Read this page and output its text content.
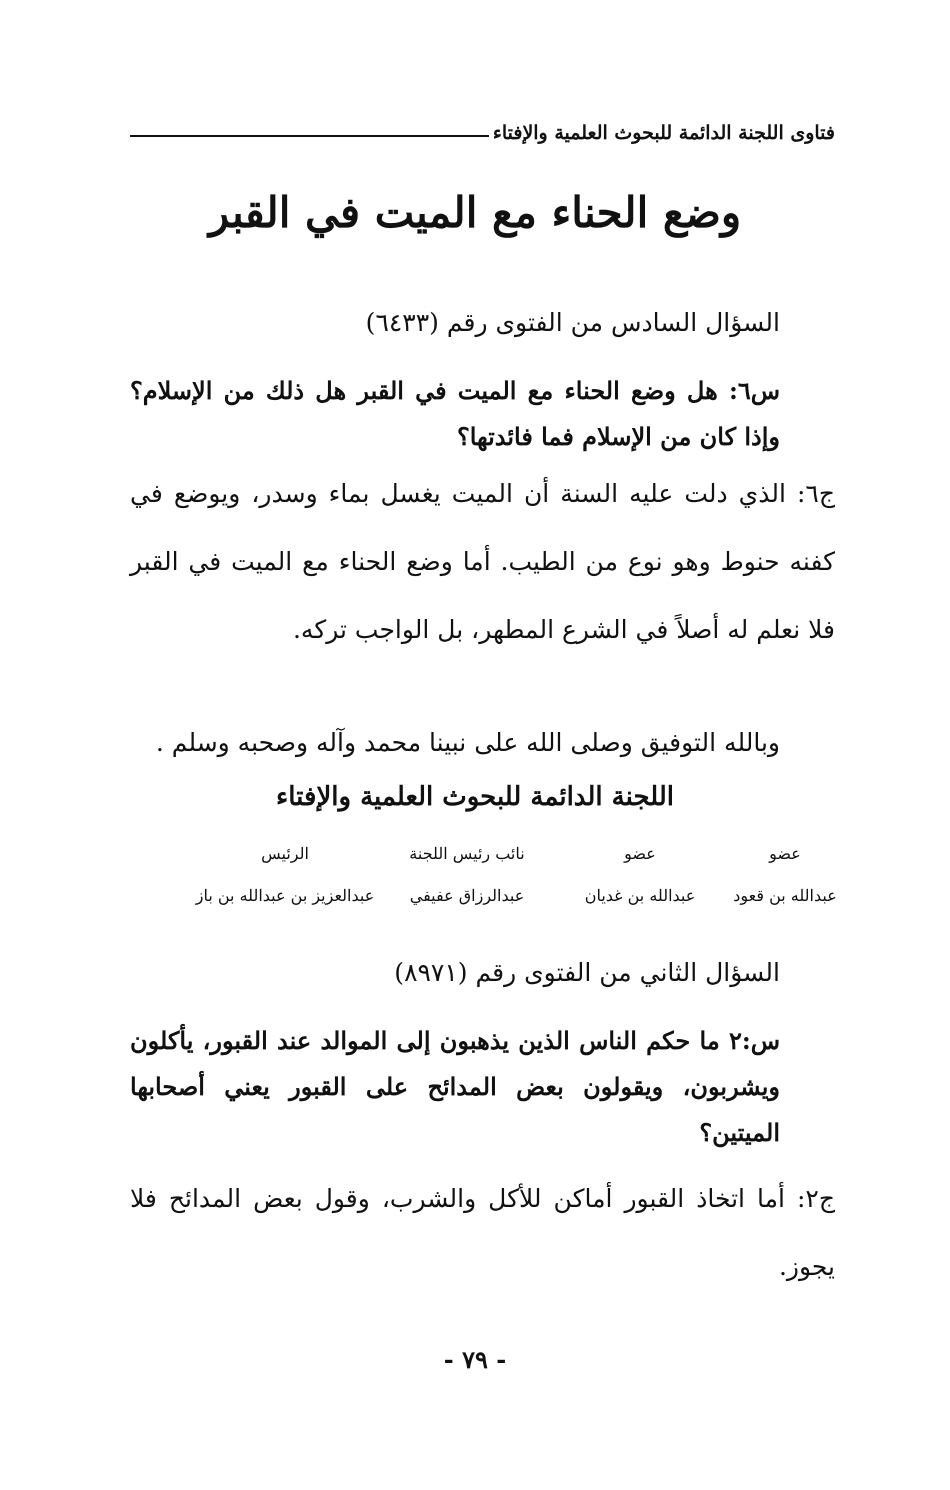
فتاوى اللجنة الدائمة للبحوث العلمية والإفتاء
وضع الحناء مع الميت في القبر
السؤال السادس من الفتوى رقم (٦٤٣٣)
س٦: هل وضع الحناء مع الميت في القبر هل ذلك من الإسلام؟ وإذا كان من الإسلام فما فائدتها؟
ج٦: الذي دلت عليه السنة أن الميت يغسل بماء وسدر، ويوضع في كفنه حنوط وهو نوع من الطيب. أما وضع الحناء مع الميت في القبر فلا نعلم له أصلاً في الشرع المطهر، بل الواجب تركه.
وبالله التوفيق وصلى الله على نبينا محمد وآله وصحبه وسلم .
اللجنة الدائمة للبحوث العلمية والإفتاء
عضو
عضو
نائب رئيس اللجنة
الرئيس
عبدالله بن قعود
عبدالله بن غديان
عبدالرزاق عفيفي
عبدالعزيز بن عبدالله بن باز
السؤال الثاني من الفتوى رقم (٨٩٧١)
س:٢ ما حكم الناس الذين يذهبون إلى الموالد عند القبور، يأكلون ويشربون، ويقولون بعض المدائح على القبور يعني أصحابها الميتين؟
ج٢: أما اتخاذ القبور أماكن للأكل والشرب، وقول بعض المدائح فلا يجوز.
- ٧٩ -
